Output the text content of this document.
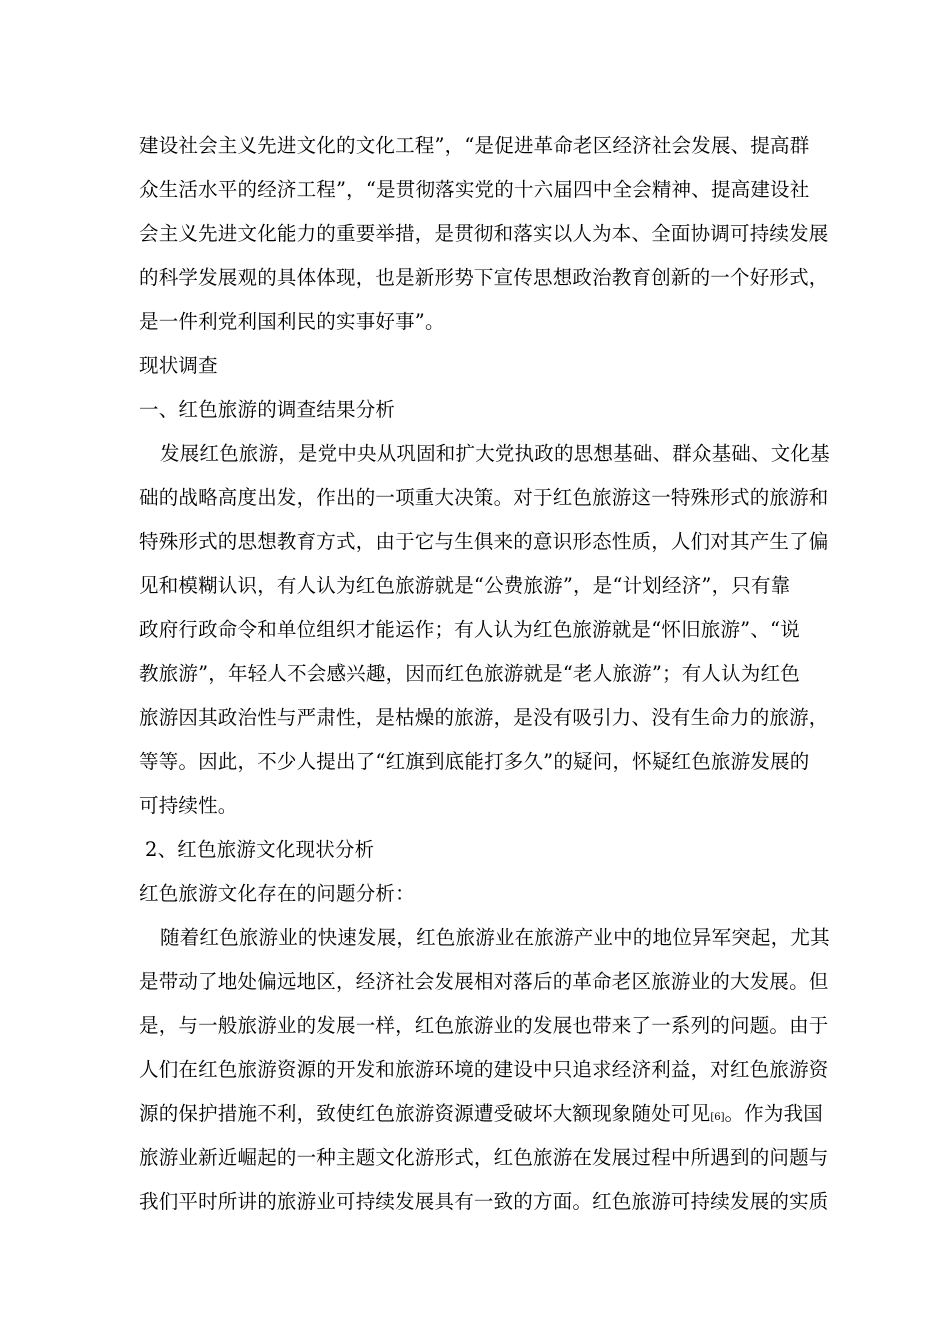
建设社会主义先进文化的文化工程”，“是促进革命老区经济社会发展、提高群
众生活水平的经济工程”，“是贯彻落实党的十六届四中全会精神、提高建设社
会主义先进文化能力的重要举措，是贯彻和落实以人为本、全面协调可持续发展
的科学发展观的具体体现，也是新形势下宣传思想政治教育创新的一个好形式，
是一件利党利国利民的实事好事”。
现状调查
一、红色旅游的调查结果分析
发展红色旅游，是党中央从巩固和扩大党执政的思想基础、群众基础、文化基
础的战略高度出发，作出的一项重大决策。对于红色旅游这一特殊形式的旅游和
特殊形式的思想教育方式，由于它与生俱来的意识形态性质，人们对其产生了偏
见和模糊认识，有人认为红色旅游就是“公费旅游”，是“计划经济”，只有靠
政府行政命令和单位组织才能运作；有人认为红色旅游就是“怀旧旅游”、“说
教旅游”，年轻人不会感兴趣，因而红色旅游就是“老人旅游”；有人认为红色
旅游因其政治性与严肃性，是枯燥的旅游，是没有吸引力、没有生命力的旅游，
等等。因此，不少人提出了“红旗到底能打多久”的疑问，怀疑红色旅游发展的
可持续性。
2、红色旅游文化现状分析
红色旅游文化存在的问题分析：
随着红色旅游业的快速发展，红色旅游业在旅游产业中的地位异军突起，尤其
是带动了地处偏远地区，经济社会发展相对落后的革命老区旅游业的大发展。但
是，与一般旅游业的发展一样，红色旅游业的发展也带来了一系列的问题。由于
人们在红色旅游资源的开发和旅游环境的建设中只追求经济利益，对红色旅游资
源的保护措施不利，致使红色旅游资源遭受破坏大额现象随处可见[6]。作为我国
旅游业新近崛起的一种主题文化游形式，红色旅游在发展过程中所遇到的问题与
我们平时所讲的旅游业可持续发展具有一致的方面。红色旅游可持续发展的实质
